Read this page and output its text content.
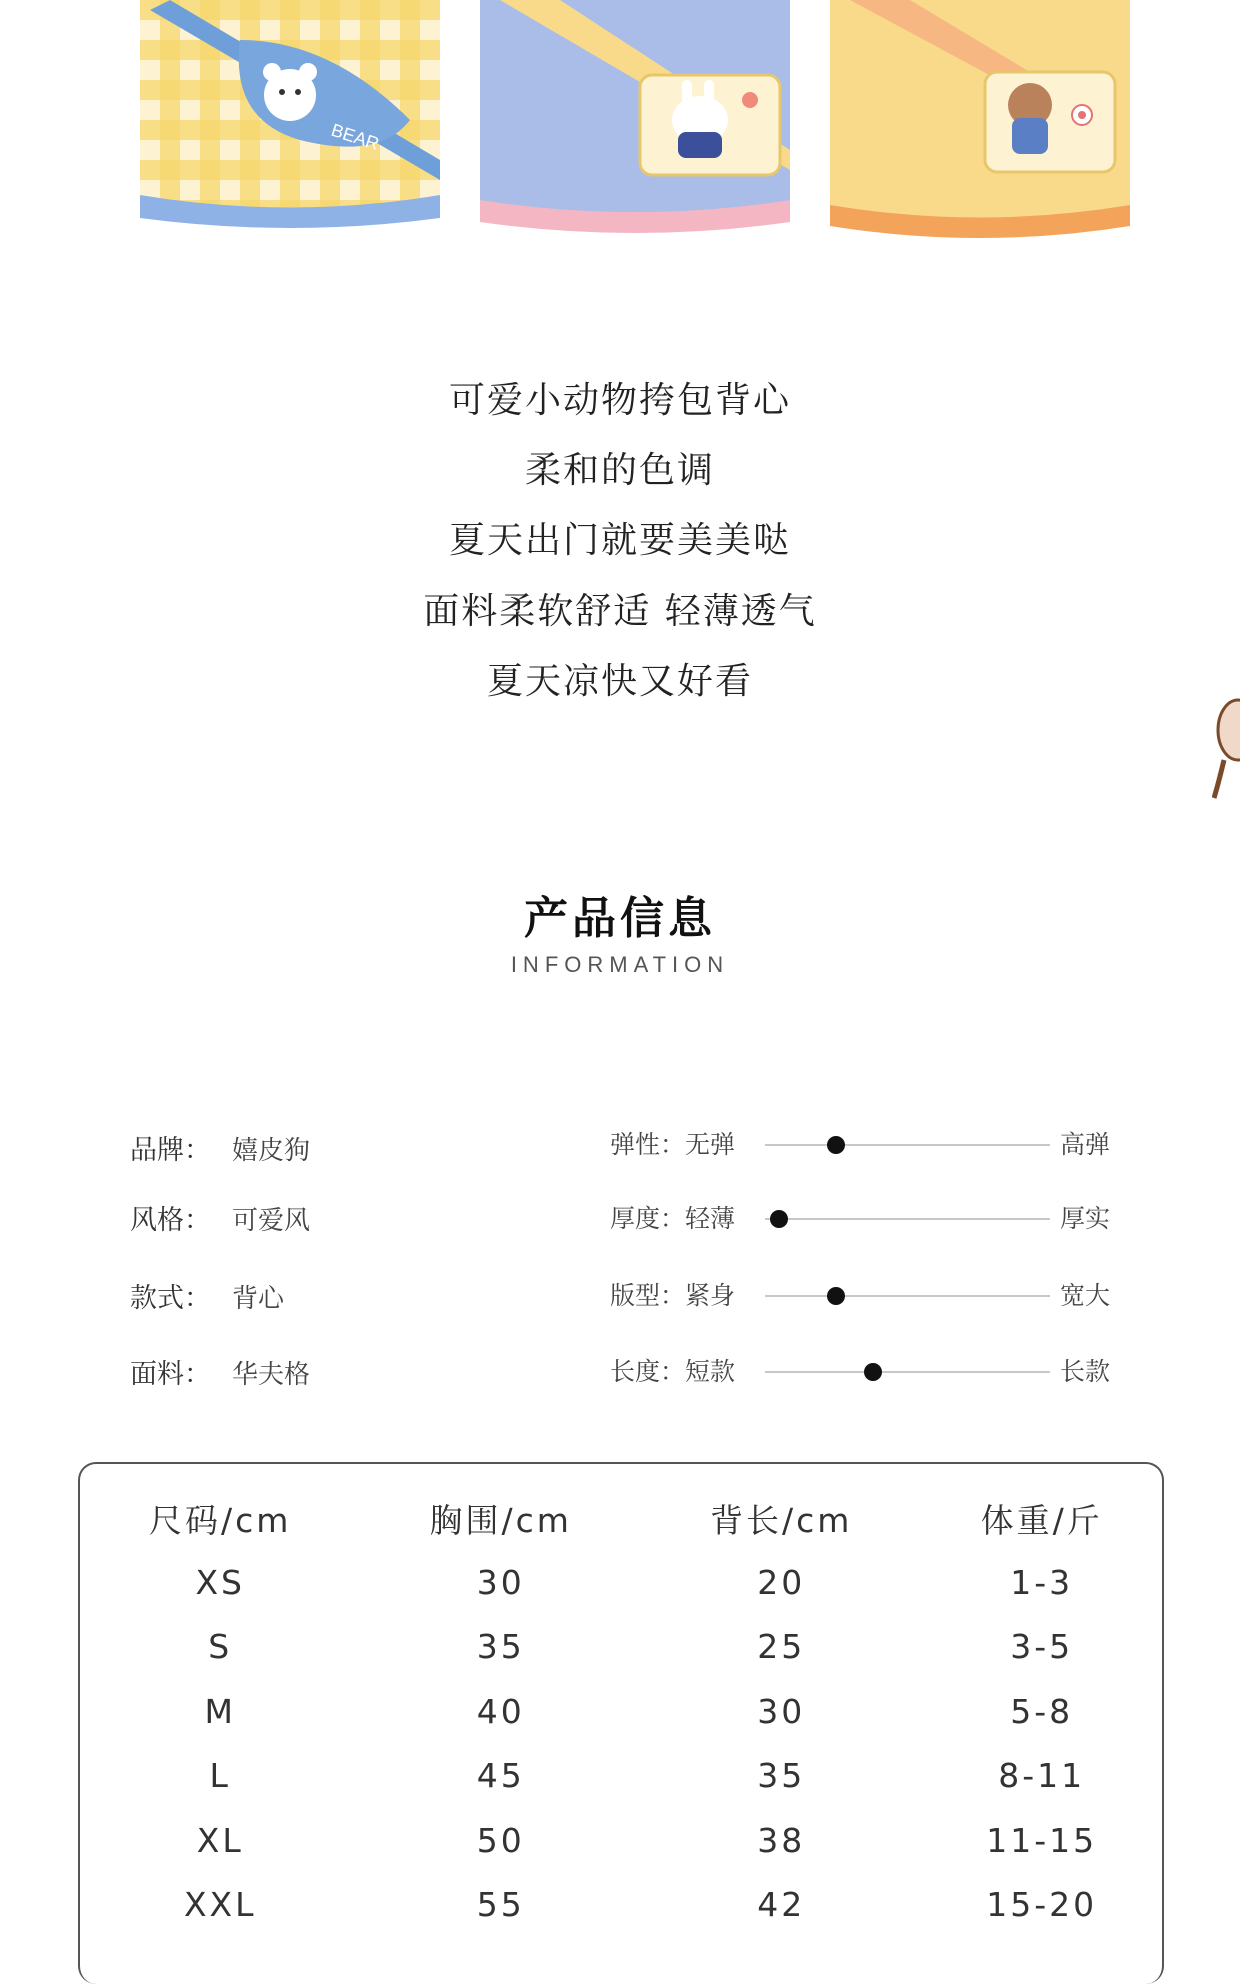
BEAR
可爱小动物挎包背心
柔和的色调
夏天出门就要美美哒
面料柔软舒适 轻薄透气
夏天凉快又好看
产品信息
INFORMATION
品牌： 嬉皮狗
风格： 可爱风
款式： 背心
面料： 华夫格
弹性：无弹	高弹
厚度：轻薄	厚实
版型：紧身	宽大
长度：短款	长款
尺码/cm	胸围/cm	背长/cm	体重/斤
XS	30	20	1-3
S	35	25	3-5
M	40	30	5-8
L	45	35	8-11
XL	50	38	11-15
XXL	55	42	15-20
